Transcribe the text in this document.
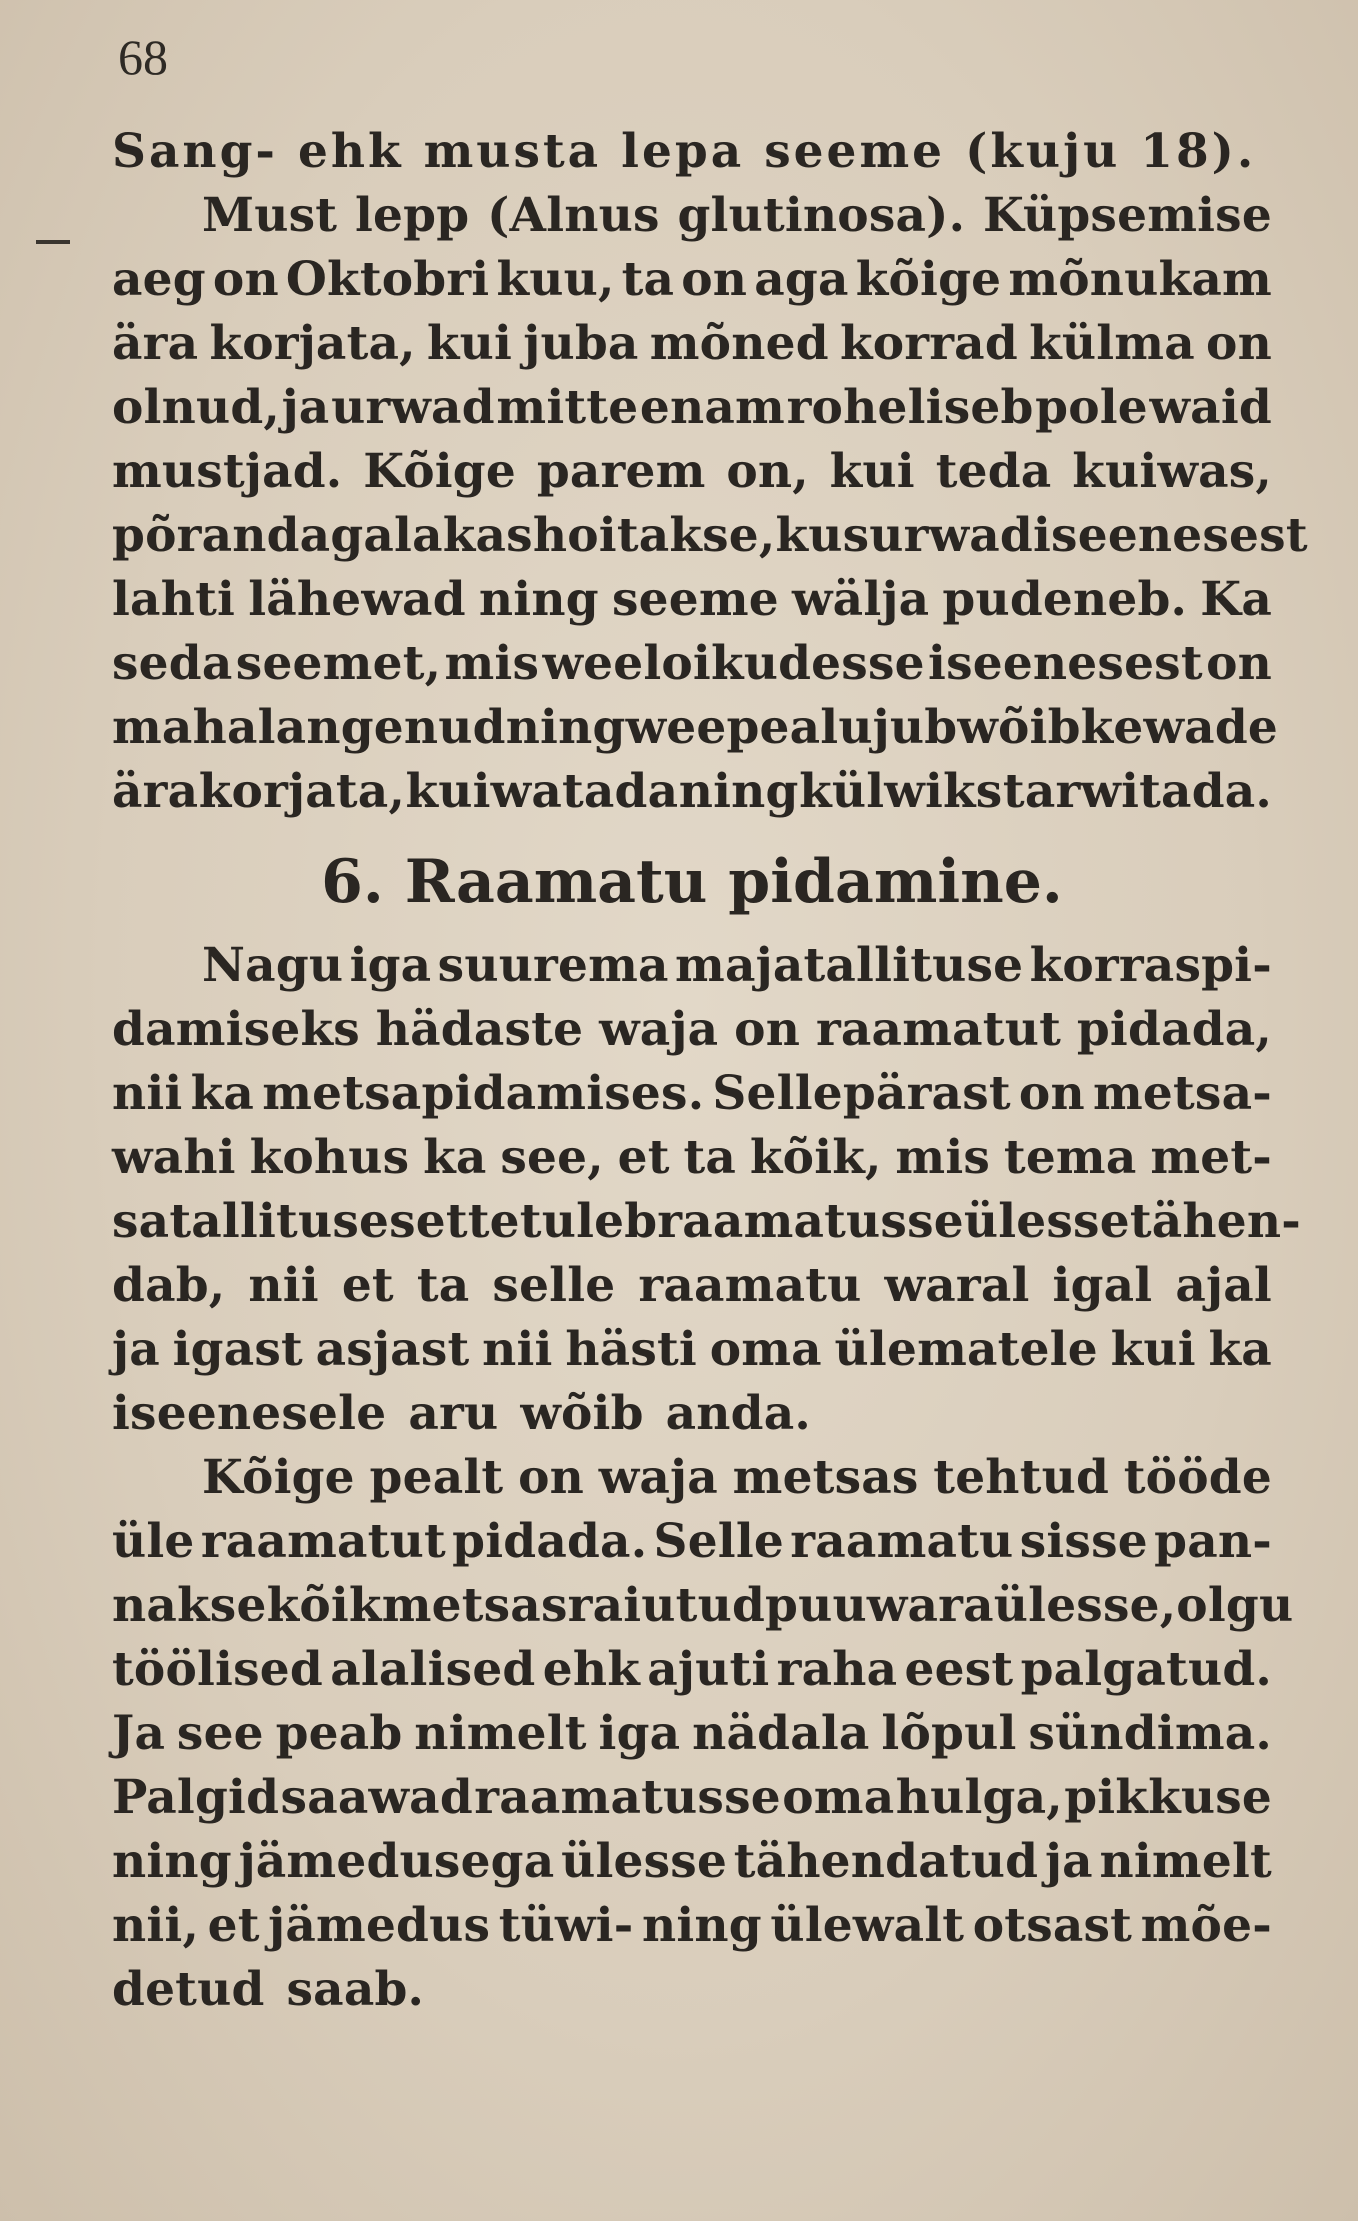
68
Sang- ehk musta lepa seeme (kuju 18).
Must lepp (Alnus glutinosa). Küpsemise
aeg on Oktobri kuu, ta on aga kõige mõnukam
ära korjata, kui juba mõned korrad külma on
olnud, ja urwad mitte enam roheliseb pole waid
mustjad. Kõige parem on, kui teda kuiwas,
põrandaga lakas hoitakse, kus urwad iseenesest
lahti lähewad ning seeme wälja pudeneb. Ka
seda seemet, mis weeloikudesse iseenesest on
maha langenud ning wee peal ujub wõib kewade
ära korjata, kuiwatada ning külwiks tarwitada.
6. Raamatu pidamine.
Nagu iga suurema majatallituse korraspi-
damiseks hädaste waja on raamatut pidada,
nii ka metsapidamises. Sellepärast on metsa-
wahi kohus ka see, et ta kõik, mis tema met-
satallituses ette tuleb raamatusse ülesse tähen-
dab, nii et ta selle raamatu waral igal ajal
ja igast asjast nii hästi oma ülematele kui ka
iseenesele aru wõib anda.
Kõige pealt on waja metsas tehtud tööde
üle raamatut pidada. Selle raamatu sisse pan-
nakse kõik metsas raiutud puuwara ülesse, olgu
töölised alalised ehk ajuti raha eest palgatud.
Ja see peab nimelt iga nädala lõpul sündima.
Palgid saawad raamatusse oma hulga, pikkuse
ning jämedusega ülesse tähendatud ja nimelt
nii, et jämedus tüwi- ning ülewalt otsast mõe-
detud saab.
